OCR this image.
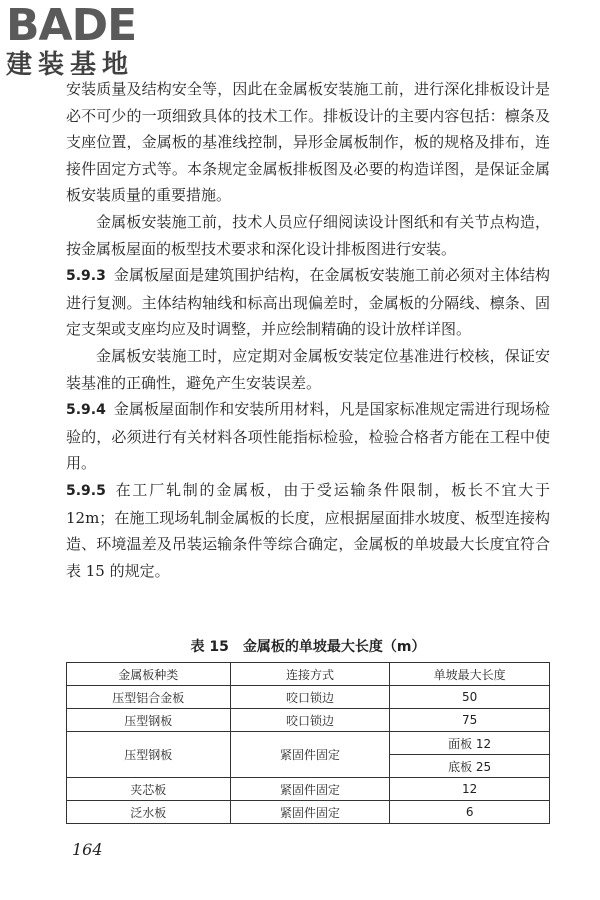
BADE
建装基地

安装质量及结构安全等，因此在金属板安装施工前，进行深化排板设计是必不可少的一项细致具体的技术工作。排板设计的主要内容包括：檩条及支座位置，金属板的基准线控制，异形金属板制作，板的规格及排布，连接件固定方式等。本条规定金属板排板图及必要的构造详图，是保证金属板安装质量的重要措施。

金属板安装施工前，技术人员应仔细阅读设计图纸和有关节点构造，按金属板屋面的板型技术要求和深化设计排板图进行安装。

5.9.3 金属板屋面是建筑围护结构，在金属板安装施工前必须对主体结构进行复测。主体结构轴线和标高出现偏差时，金属板的分隔线、檩条、固定支架或支座均应及时调整，并应绘制精确的设计放样详图。

金属板安装施工时，应定期对金属板安装定位基准进行校核，保证安装基准的正确性，避免产生安装误差。

5.9.4 金属板屋面制作和安装所用材料，凡是国家标准规定需进行现场检验的，必须进行有关材料各项性能指标检验，检验合格者方能在工程中使用。

5.9.5 在工厂轧制的金属板，由于受运输条件限制，板长不宜大于12m；在施工现场轧制金属板的长度，应根据屋面排水坡度、板型连接构造、环境温差及吊装运输条件等综合确定，金属板的单坡最大长度宜符合表 15 的规定。

表 15　金属板的单坡最大长度（m）
金属板种类	连接方式	单坡最大长度
压型铝合金板	咬口锁边	50
压型钢板	咬口锁边	75
压型钢板	紧固件固定	面板 12
		底板 25
夹芯板	紧固件固定	12
泛水板	紧固件固定	6
164
